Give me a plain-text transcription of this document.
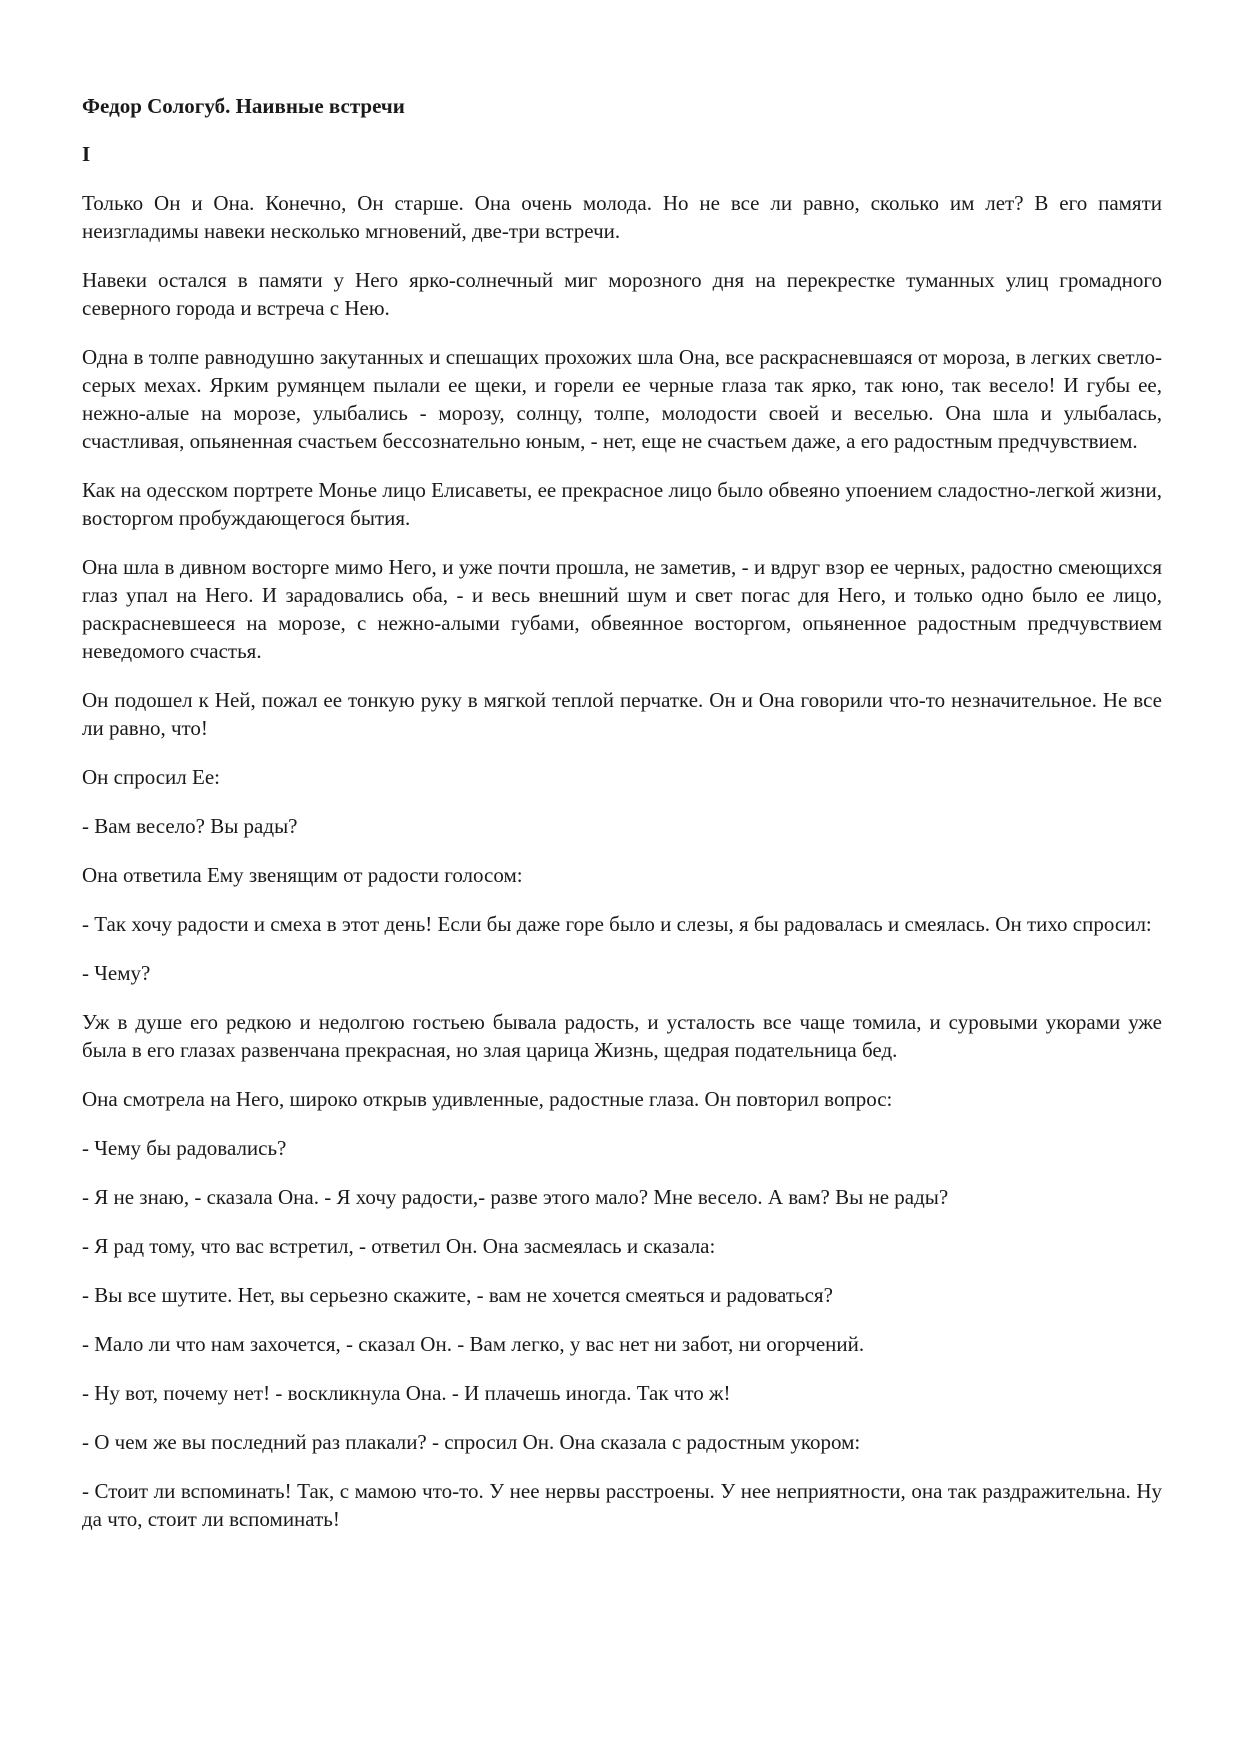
Федор Сологуб. Наивные встречи
I

Только Он и Она. Конечно, Он старше. Она очень молода. Но не все ли равно, сколько им лет? В его памяти неизгладимы навеки несколько мгновений, две-три встречи.

Навеки остался в памяти у Него ярко-солнечный миг морозного дня на перекрестке туманных улиц громадного северного города и встреча с Нею.

Одна в толпе равнодушно закутанных и спешащих прохожих шла Она, все раскрасневшаяся от мороза, в легких светло-серых мехах. Ярким румянцем пылали ее щеки, и горели ее черные глаза так ярко, так юно, так весело! И губы ее, нежно-алые на морозе, улыбались - морозу, солнцу, толпе, молодости своей и веселью. Она шла и улыбалась, счастливая, опьяненная счастьем бессознательно юным, - нет, еще не счастьем даже, а его радостным предчувствием.

Как на одесском портрете Монье лицо Елисаветы, ее прекрасное лицо было обвеяно упоением сладостно-легкой жизни, восторгом пробуждающегося бытия.

Она шла в дивном восторге мимо Него, и уже почти прошла, не заметив, - и вдруг взор ее черных, радостно смеющихся глаз упал на Него. И зарадовались оба, - и весь внешний шум и свет погас для Него, и только одно было ее лицо, раскрасневшееся на морозе, с нежно-алыми губами, обвеянное восторгом, опьяненное радостным предчувствием неведомого счастья.

Он подошел к Ней, пожал ее тонкую руку в мягкой теплой перчатке. Он и Она говорили что-то незначительное. Не все ли равно, что!

Он спросил Ее:

- Вам весело? Вы рады?

Она ответила Ему звенящим от радости голосом:

- Так хочу радости и смеха в этот день! Если бы даже горе было и слезы, я бы радовалась и смеялась. Он тихо спросил:

- Чему?

Уж в душе его редкою и недолгою гостьею бывала радость, и усталость все чаще томила, и суровыми укорами уже была в его глазах развенчана прекрасная, но злая царица Жизнь, щедрая подательница бед.

Она смотрела на Него, широко открыв удивленные, радостные глаза. Он повторил вопрос:

- Чему бы радовались?

- Я не знаю, - сказала Она. - Я хочу радости,- разве этого мало? Мне весело. А вам? Вы не рады?

- Я рад тому, что вас встретил, - ответил Он. Она засмеялась и сказала:

- Вы все шутите. Нет, вы серьезно скажите, - вам не хочется смеяться и радоваться?

- Мало ли что нам захочется, - сказал Он. - Вам легко, у вас нет ни забот, ни огорчений.

- Ну вот, почему нет! - воскликнула Она. - И плачешь иногда. Так что ж!

- О чем же вы последний раз плакали? - спросил Он. Она сказала с радостным укором:

- Стоит ли вспоминать! Так, с мамою что-то. У нее нервы расстроены. У нее неприятности, она так раздражительна. Ну да что, стоит ли вспоминать!
